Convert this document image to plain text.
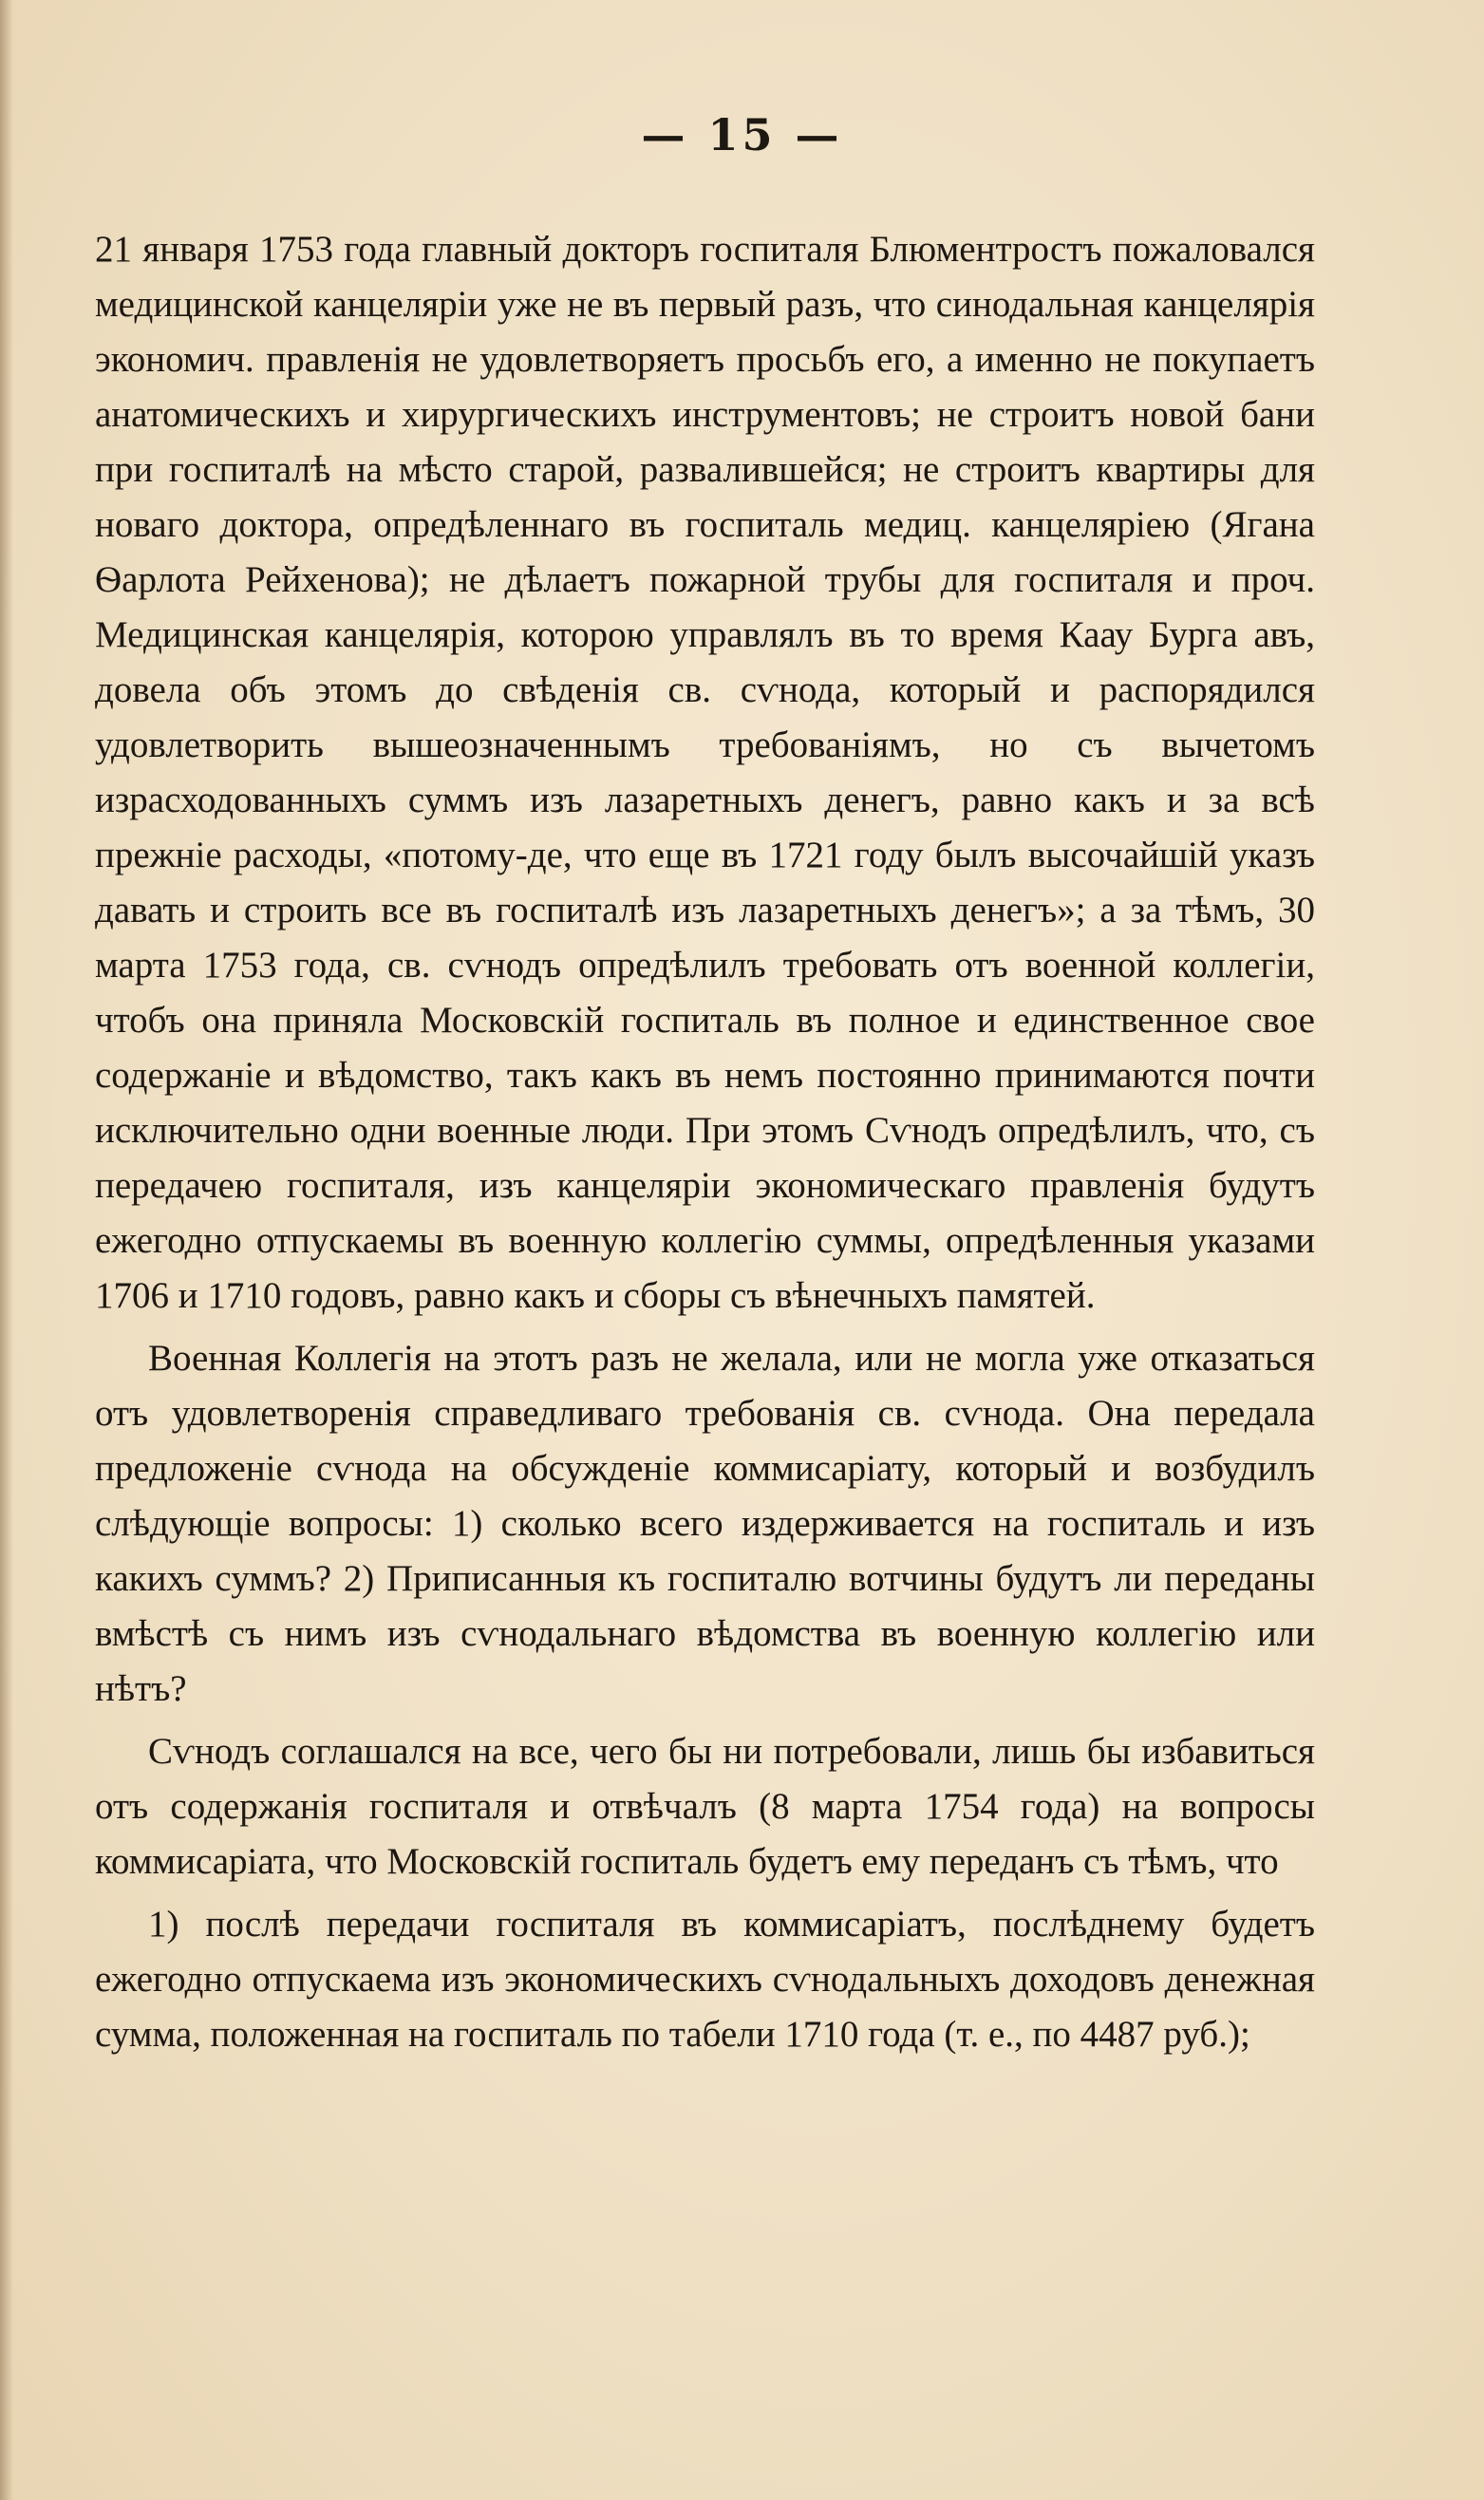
— 15 —

21 января 1753 года главный докторъ госпиталя Блюментростъ пожаловался медицинской канцеляріи уже не въ первый разъ, что синодальная канцелярія экономич. правленія не удовлетворяетъ просьбъ его, а именно не покупаетъ анатомическихъ и хирургическихъ инструментовъ; не строитъ новой бани при госпиталѣ на мѣсто старой, развалившейся; не строитъ квартиры для новаго доктора, опредѣленнаго въ госпиталь медиц. канцеляріею (Ягана Ѳарлота Рейхенова); не дѣлаетъ пожарной трубы для госпиталя и проч. Медицинская канцелярія, которою управлялъ въ то время Каау Бурга авъ, довела объ этомъ до свѣденія св. сѵнода, который и распорядился удовлетворить вышеозначеннымъ требованіямъ, но съ вычетомъ израсходованныхъ суммъ изъ лазаретныхъ денегъ, равно какъ и за всѣ прежніе расходы, «потому-де, что еще въ 1721 году былъ высочайшій указъ давать и строить все въ госпиталѣ изъ лазаретныхъ денегъ»; а за тѣмъ, 30 марта 1753 года, св. сѵнодъ опредѣлилъ требовать отъ военной коллегіи, чтобъ она приняла Московскій госпиталь въ полное и единственное свое содержаніе и вѣдомство, такъ какъ въ немъ постоянно принимаются почти исключительно одни военные люди. При этомъ Сѵнодъ опредѣлилъ, что, съ передачею госпиталя, изъ канцеляріи экономическаго правленія будутъ ежегодно отпускаемы въ военную коллегію суммы, опредѣленныя указами 1706 и 1710 годовъ, равно какъ и сборы съ вѣнечныхъ памятей.

Военная Коллегія на этотъ разъ не желала, или не могла уже отказаться отъ удовлетворенія справедливаго требованія св. сѵнода. Она передала предложеніе сѵнода на обсужденіе коммисаріату, который и возбудилъ слѣдующіе вопросы: 1) сколько всего издерживается на госпиталь и изъ какихъ суммъ? 2) Приписанныя къ госпиталю вотчины будутъ ли переданы вмѣстѣ съ нимъ изъ сѵнодальнаго вѣдомства въ военную коллегію или нѣтъ?

Сѵнодъ соглашался на все, чего бы ни потребовали, лишь бы избавиться отъ содержанія госпиталя и отвѣчалъ (8 марта 1754 года) на вопросы коммисаріата, что Московскій госпиталь будетъ ему переданъ съ тѣмъ, что

1) послѣ передачи госпиталя въ коммисаріатъ, послѣднему будетъ ежегодно отпускаема изъ экономическихъ сѵнодальныхъ доходовъ денежная сумма, положенная на госпиталь по табели 1710 года (т. е., по 4487 руб.);
